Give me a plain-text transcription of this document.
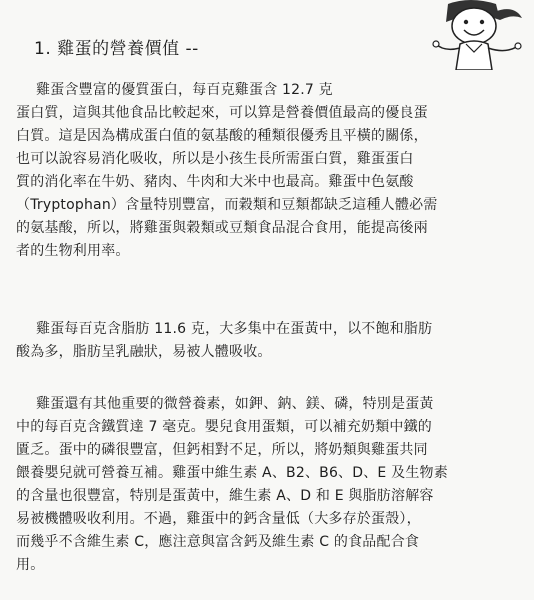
1. 雞蛋的營養價值 --

雞蛋含豐富的優質蛋白，每百克雞蛋含 12.7 克
蛋白質，這與其他食品比較起來，可以算是營養價值最高的優良蛋
白質。這是因為構成蛋白值的氨基酸的種類很優秀且平橫的關係，
也可以說容易消化吸收，所以是小孩生長所需蛋白質，雞蛋蛋白
質的消化率在牛奶、豬肉、牛肉和大米中也最高。雞蛋中色氨酸
（Tryptophan）含量特別豐富，而穀類和豆類都缺乏這種人體必需
的氨基酸，所以，將雞蛋與穀類或豆類食品混合食用，能提高後兩
者的生物利用率。

雞蛋每百克含脂肪 11.6 克，大多集中在蛋黃中，以不飽和脂肪
酸為多，脂肪呈乳融狀，易被人體吸收。

雞蛋還有其他重要的微營養素，如鉀、鈉、鎂、磷，特別是蛋黃
中的每百克含鐵質達 7 毫克。嬰兒食用蛋類，可以補充奶類中鐵的
匱乏。蛋中的磷很豐富，但鈣相對不足，所以，將奶類與雞蛋共同
餵養嬰兒就可營養互補。雞蛋中維生素 A、B2、B6、D、E 及生物素
的含量也很豐富，特別是蛋黃中，維生素 A、D 和 E 與脂肪溶解容
易被機體吸收利用。不過，雞蛋中的鈣含量低（大多存於蛋殼），
而幾乎不含維生素 C，應注意與富含鈣及維生素 C 的食品配合食
用。
